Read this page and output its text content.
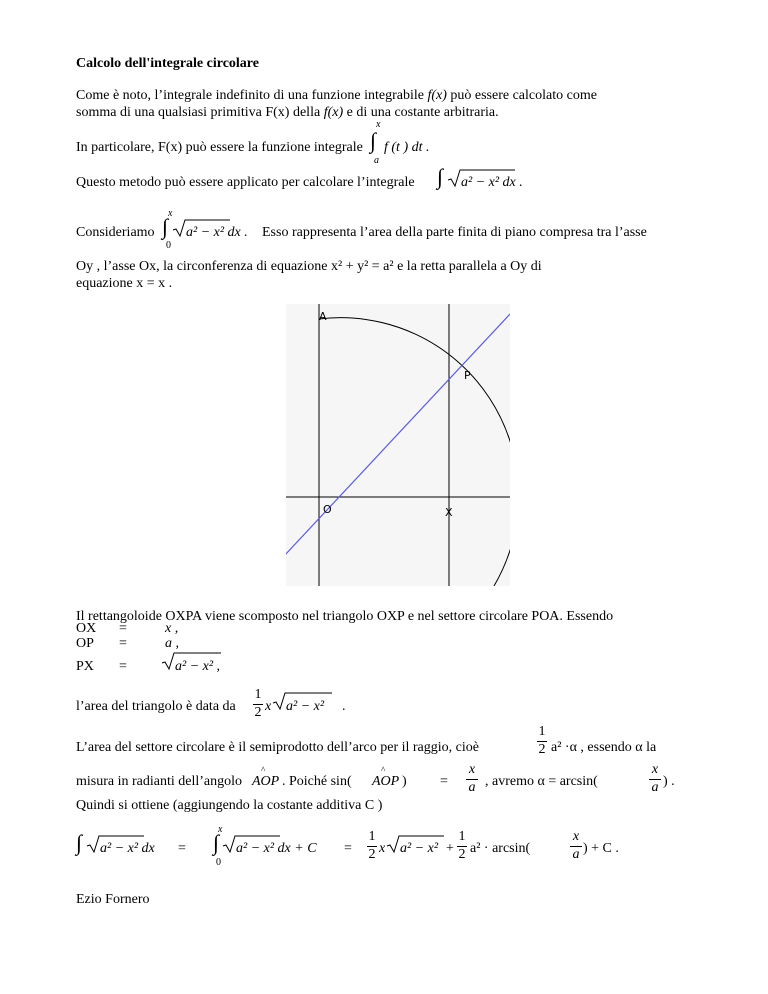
Calcolo dell'integrale circolare
Come è noto, l’integrale indefinito di una funzione integrabile f(x) può essere calcolato come
somma di una qualsiasi primitiva F(x) della f(x) e di una costante arbitraria.
In particolare, F(x) può essere la funzione integrale
x
∫
a
f (t ) dt .
Questo metodo può essere applicato per calcolare l’integrale ∫ a² − x² dx .
Consideriamo
x
∫
0
a² − x² dx . Esso rappresenta l’area della parte finita di piano compresa tra l’asse
Oy , l’asse Ox, la circonferenza di equazione x² + y² = a² e la retta parallela a Oy di
equazione x = x .
A
P
O	X
Il rettangoloide OXPA viene scomposto nel triangolo OXP e nel settore circolare POA. Essendo
OX =	x ,
OP =	a ,
PX =	a² − x² ,
l’area del triangolo è data da
1
2 x a² − x² .
L’area del settore circolare è il semiprodotto dell’arco per il raggio, cioè
1
2 a² ·α , essendo α la
misura in radianti dell’angolo
^
AOP . Poiché sin(
^
AOP ) =
x
a , avremo α = arcsin(
x
a ) .
Quindi si ottiene (aggiungendo la costante additiva C )
∫ a² − x² dx =
x
∫
0
a² − x² dx + C =
1
2 x a² − x² +
1
2 a² · arcsin(
x
a ) + C .
Ezio Fornero
